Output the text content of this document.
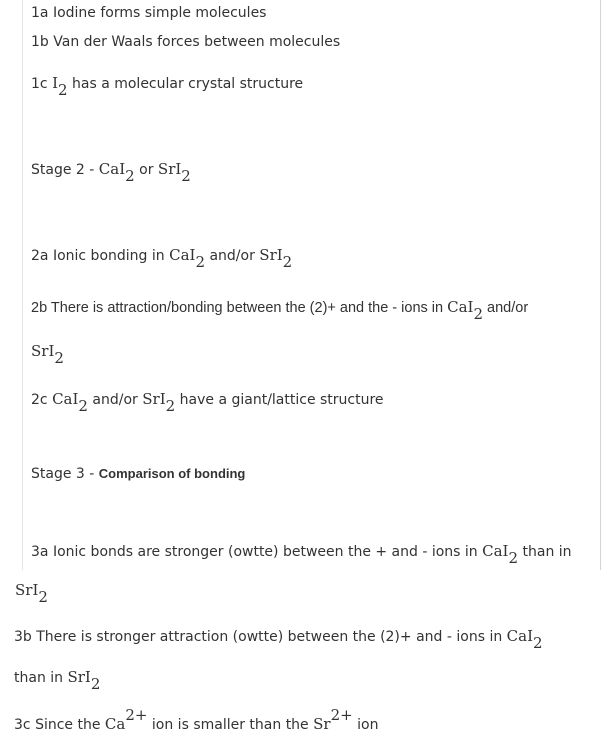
1a Iodine forms simple molecules
1b Van der Waals forces between molecules
1c $I_2$ has a molecular crystal structure
Stage 2 - CaI$_2$ or SrI$_2$
2a Ionic bonding in CaI$_2$ and/or SrI$_2$
2b There is attraction/bonding between the (2)+ and the - ions in CaI$_2$ and/or
SrI$_2$
2c CaI$_2$ and/or SrI$_2$ have a giant/lattice structure
Stage 3 - Comparison of bonding
3a Ionic bonds are stronger (owtte) between the + and - ions in CaI$_2$ than in
SrI$_2$
3b There is stronger attraction (owtte) between the (2)+ and - ions in CaI$_2$
than in SrI$_2$
3c Since the $Ca^{2+}$ ion is smaller than the $Sr^{2+}$ ion
